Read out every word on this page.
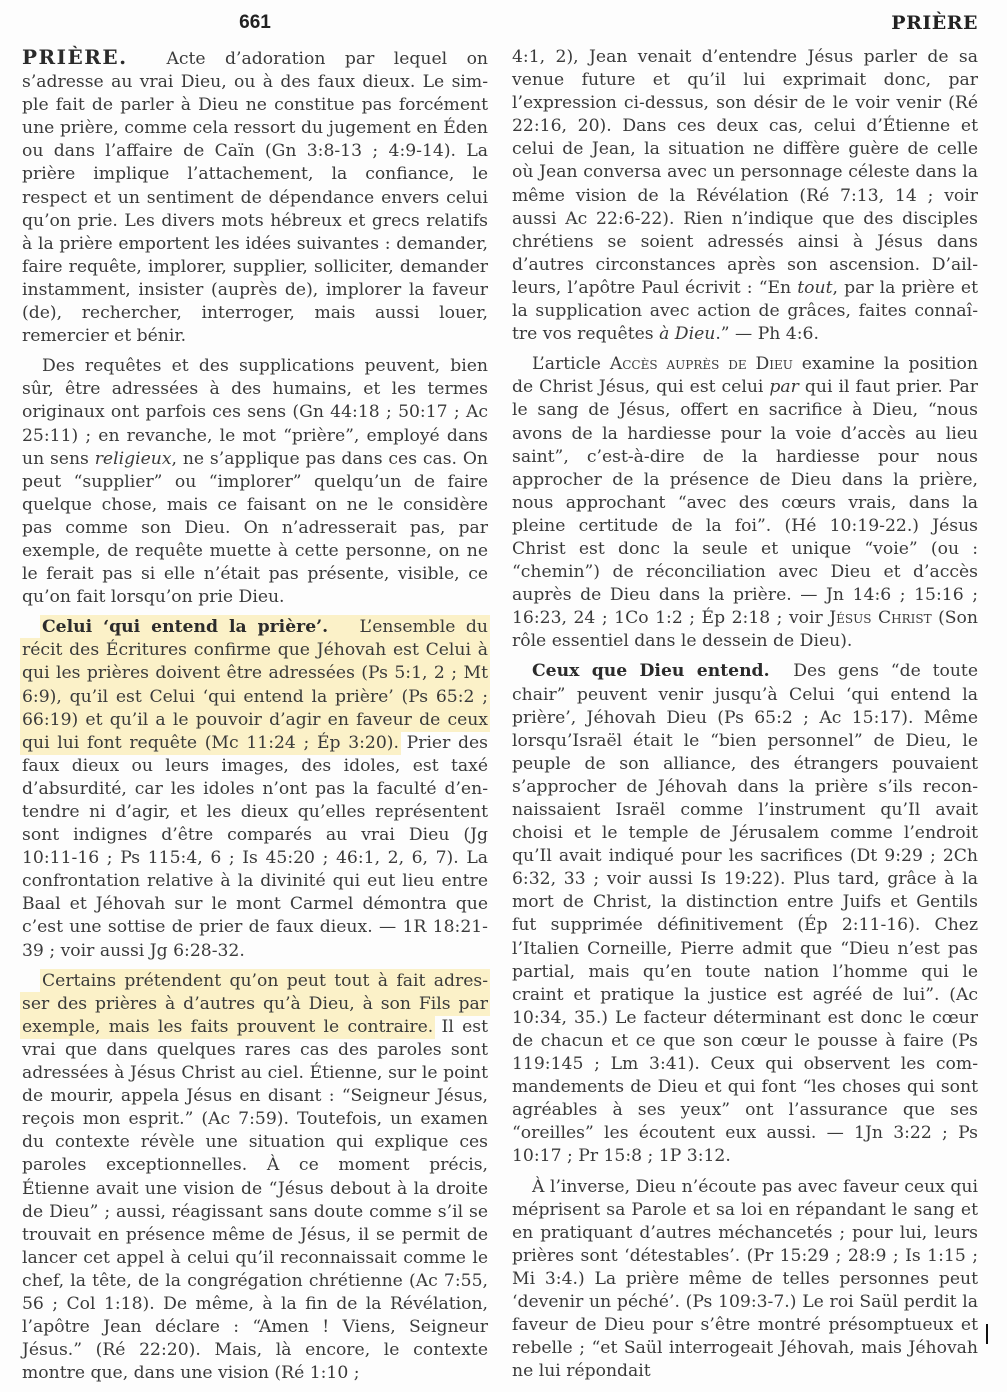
661	PRIÈRE

PRIÈRE. Acte d’adoration par lequel on s’adresse au vrai Dieu, ou à des faux dieux. Le simple fait de parler à Dieu ne constitue pas forcément une prière, comme cela ressort du jugement en Éden ou dans l’affaire de Caïn (Gn 3:8-13 ; 4:9-14). La prière implique l’attachement, la confiance, le respect et un sentiment de dépendance envers celui qu’on prie. Les divers mots hébreux et grecs relatifs à la prière emportent les idées suivantes : demander, faire requête, implorer, supplier, solliciter, demander instamment, insister (auprès de), implorer la faveur (de), rechercher, interroger, mais aussi louer, remercier et bénir.

Des requêtes et des supplications peuvent, bien sûr, être adressées à des humains, et les termes originaux ont parfois ces sens (Gn 44:18 ; 50:17 ; Ac 25:11) ; en revanche, le mot “prière”, employé dans un sens religieux, ne s’applique pas dans ces cas. On peut “supplier” ou “implorer” quelqu’un de faire quelque chose, mais ce faisant on ne le considère pas comme son Dieu. On n’adresserait pas, par exemple, de requête muette à cette personne, on ne le ferait pas si elle n’était pas présente, visible, ce qu’on fait lorsqu’on prie Dieu.

Celui ‘qui entend la prière’. L’ensemble du récit des Écritures confirme que Jéhovah est Celui à qui les prières doivent être adressées (Ps 5:1, 2 ; Mt 6:9), qu’il est Celui ‘qui entend la prière’ (Ps 65:2 ; 66:19) et qu’il a le pouvoir d’agir en faveur de ceux qui lui font requête (Mc 11:24 ; Ép 3:20). Prier des faux dieux ou leurs images, des idoles, est taxé d’absurdité, car les idoles n’ont pas la faculté d’entendre ni d’agir, et les dieux qu’elles représentent sont indignes d’être comparés au vrai Dieu (Jg 10:11-16 ; Ps 115:4, 6 ; Is 45:20 ; 46:1, 2, 6, 7). La confrontation relative à la divinité qui eut lieu entre Baal et Jéhovah sur le mont Carmel démontra que c’est une sottise de prier de faux dieux. — 1R 18:21-39 ; voir aussi Jg 6:28-32.

Certains prétendent qu’on peut tout à fait adresser des prières à d’autres qu’à Dieu, à son Fils par exemple, mais les faits prouvent le contraire. Il est vrai que dans quelques rares cas des paroles sont adressées à Jésus Christ au ciel. Étienne, sur le point de mourir, appela Jésus en disant : “Seigneur Jésus, reçois mon esprit.” (Ac 7:59). Toutefois, un examen du contexte révèle une situation qui explique ces paroles exceptionnelles. À ce moment précis, Étienne avait une vision de “Jésus debout à la droite de Dieu” ; aussi, réagissant sans doute comme s’il se trouvait en présence même de Jésus, il se permit de lancer cet appel à celui qu’il reconnaissait comme le chef, la tête, de la congrégation chrétienne (Ac 7:55, 56 ; Col 1:18). De même, à la fin de la Révélation, l’apôtre Jean déclare : “Amen ! Viens, Seigneur Jésus.” (Ré 22:20). Mais, là encore, le contexte montre que, dans une vision (Ré 1:10 ;

4:1, 2), Jean venait d’entendre Jésus parler de sa venue future et qu’il lui exprimait donc, par l’expression ci-dessus, son désir de le voir venir (Ré 22:16, 20). Dans ces deux cas, celui d’Étienne et celui de Jean, la situation ne diffère guère de celle où Jean conversa avec un personnage céleste dans la même vision de la Révélation (Ré 7:13, 14 ; voir aussi Ac 22:6-22). Rien n’indique que des disciples chrétiens se soient adressés ainsi à Jésus dans d’autres circonstances après son ascension. D’ailleurs, l’apôtre Paul écrivit : “En tout, par la prière et la supplication avec action de grâces, faites connaître vos requêtes à Dieu.” — Ph 4:6.

L’article Accès auprès de Dieu examine la position de Christ Jésus, qui est celui par qui il faut prier. Par le sang de Jésus, offert en sacrifice à Dieu, “nous avons de la hardiesse pour la voie d’accès au lieu saint”, c’est-à-dire de la hardiesse pour nous approcher de la présence de Dieu dans la prière, nous approchant “avec des cœurs vrais, dans la pleine certitude de la foi”. (Hé 10:19-22.) Jésus Christ est donc la seule et unique “voie” (ou : “chemin”) de réconciliation avec Dieu et d’accès auprès de Dieu dans la prière. — Jn 14:6 ; 15:16 ; 16:23, 24 ; 1Co 1:2 ; Ép 2:18 ; voir Jésus Christ (Son rôle essentiel dans le dessein de Dieu).

Ceux que Dieu entend.  Des gens “de toute chair” peuvent venir jusqu’à Celui ‘qui entend la prière’, Jéhovah Dieu (Ps 65:2 ; Ac 15:17). Même lorsqu’Israël était le “bien personnel” de Dieu, le peuple de son alliance, des étrangers pouvaient s’approcher de Jéhovah dans la prière s’ils reconnaissaient Israël comme l’instrument qu’Il avait choisi et le temple de Jérusalem comme l’endroit qu’Il avait indiqué pour les sacrifices (Dt 9:29 ; 2Ch 6:32, 33 ; voir aussi Is 19:22). Plus tard, grâce à la mort de Christ, la distinction entre Juifs et Gentils fut supprimée définitivement (Ép 2:11-16). Chez l’Italien Corneille, Pierre admit que “Dieu n’est pas partial, mais qu’en toute nation l’homme qui le craint et pratique la justice est agréé de lui”. (Ac 10:34, 35.) Le facteur déterminant est donc le cœur de chacun et ce que son cœur le pousse à faire (Ps 119:145 ; Lm 3:41). Ceux qui observent les commandements de Dieu et qui font “les choses qui sont agréables à ses yeux” ont l’assurance que ses “oreilles” les écoutent eux aussi. — 1Jn 3:22 ; Ps 10:17 ; Pr 15:8 ; 1P 3:12.

À l’inverse, Dieu n’écoute pas avec faveur ceux qui méprisent sa Parole et sa loi en répandant le sang et en pratiquant d’autres méchancetés ; pour lui, leurs prières sont ‘détestables’. (Pr 15:29 ; 28:9 ; Is 1:15 ; Mi 3:4.) La prière même de telles personnes peut ‘devenir un péché’. (Ps 109:3-7.) Le roi Saül perdit la faveur de Dieu pour s’être montré présomptueux et rebelle ; “et Saül interrogeait Jéhovah, mais Jéhovah ne lui répondait
